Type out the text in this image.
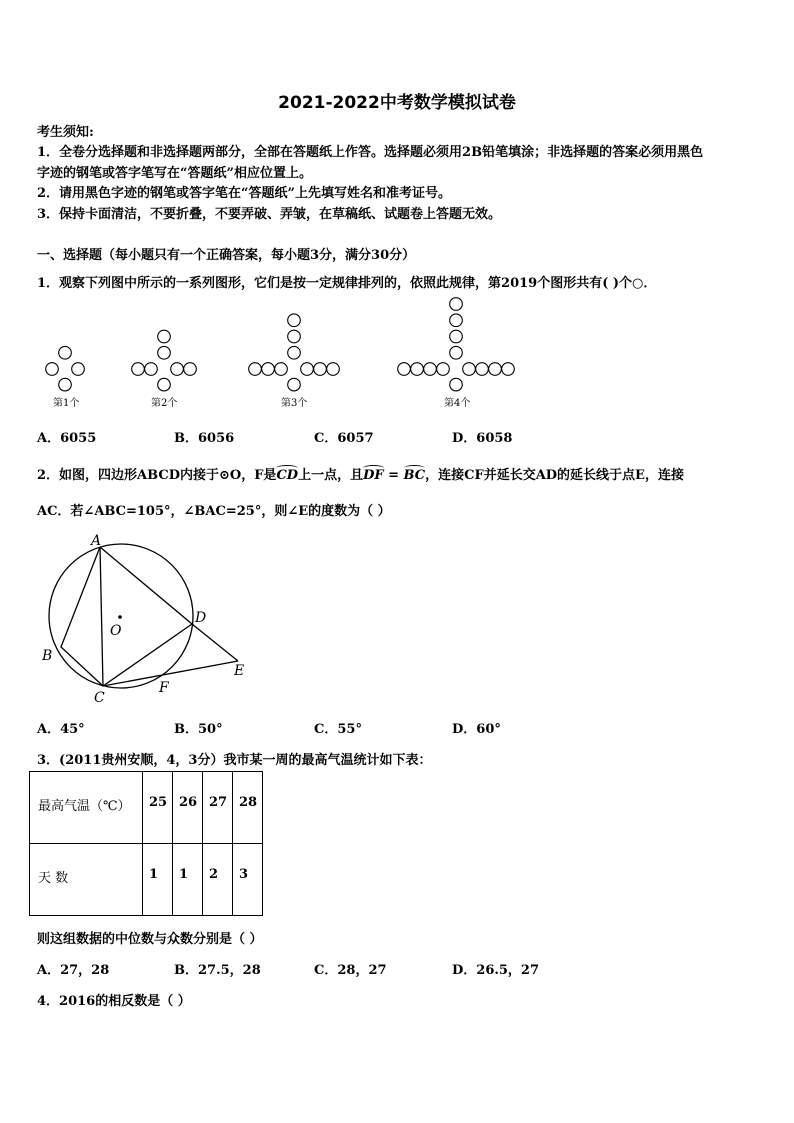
2021-2022中考数学模拟试卷
考生须知:
1．全卷分选择题和非选择题两部分，全部在答题纸上作答。选择题必须用2B铅笔填涂；非选择题的答案必须用黑色
字迹的钢笔或答字笔写在“答题纸”相应位置上。
2．请用黑色字迹的钢笔或答字笔在“答题纸”上先填写姓名和准考证号。
3．保持卡面清洁，不要折叠，不要弄破、弄皱，在草稿纸、试题卷上答题无效。
一、选择题（每小题只有一个正确答案，每小题3分，满分30分）
1．观察下列图中所示的一系列图形，它们是按一定规律排列的，依照此规律，第2019个图形共有( )个○．
第1个	第2个	第3个	第4个
A．6055	B．6056	C．6057	D．6058
2．如图，四边形ABCD内接于⊙O，F是CD上一点，且DF = BC，连接CF并延长交AD的延长线于点E，连接
AC．若∠ABC=105°，∠BAC=25°，则∠E的度数为（ ）
A
B
C
D
E
F
O
A．45°	B．50°	C．55°	D．60°
3．(2011贵州安顺，4，3分）我市某一周的最高气温统计如下表：
最高气温（℃）	25	26	27	28
天 数	1	1	2	3
则这组数据的中位数与众数分别是（ ）
A．27，28	B．27.5，28	C．28，27	D．26.5，27
4．2016的相反数是（ ）
